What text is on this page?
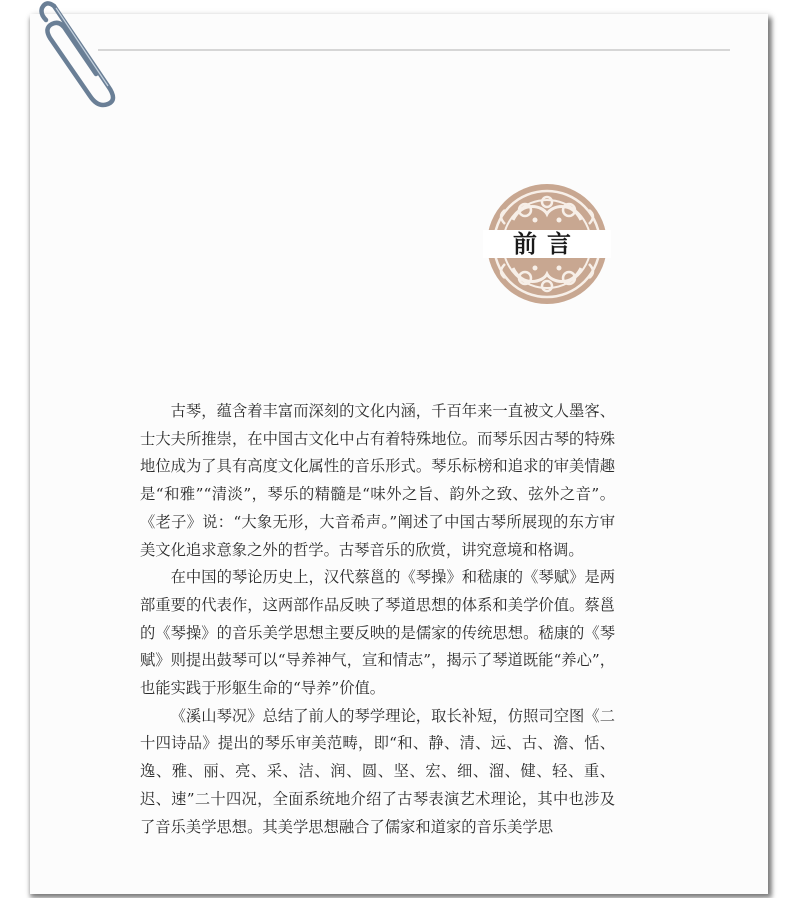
前言

古琴，蕴含着丰富而深刻的文化内涵，千百年来一直被文人墨客、士大夫所推崇，在中国古文化中占有着特殊地位。而琴乐因古琴的特殊地位成为了具有高度文化属性的音乐形式。琴乐标榜和追求的审美情趣是“和雅”“清淡”，琴乐的精髓是“味外之旨、韵外之致、弦外之音”。《老子》说：“大象无形，大音希声。”阐述了中国古琴所展现的东方审美文化追求意象之外的哲学。古琴音乐的欣赏，讲究意境和格调。

在中国的琴论历史上，汉代蔡邕的《琴操》和嵇康的《琴赋》是两部重要的代表作，这两部作品反映了琴道思想的体系和美学价值。蔡邕的《琴操》的音乐美学思想主要反映的是儒家的传统思想。嵇康的《琴赋》则提出鼓琴可以“导养神气，宣和情志”，揭示了琴道既能“养心”，也能实践于形躯生命的“导养”价值。

《溪山琴况》总结了前人的琴学理论，取长补短，仿照司空图《二十四诗品》提出的琴乐审美范畴，即“和、静、清、远、古、澹、恬、逸、雅、丽、亮、采、洁、润、圆、坚、宏、细、溜、健、轻、重、迟、速”二十四况，全面系统地介绍了古琴表演艺术理论，其中也涉及了音乐美学思想。其美学思想融合了儒家和道家的音乐美学思
